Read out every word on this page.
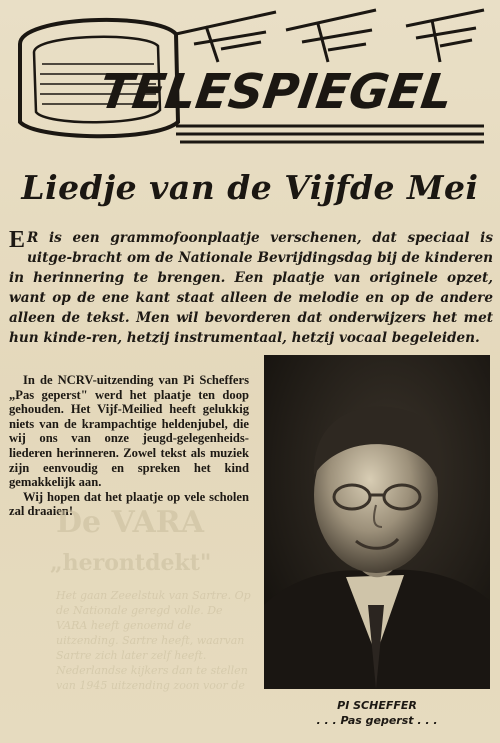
TELESPIEGEL
Liedje van de Vijfde Mei
E R is een grammofoonplaatje verschenen, dat speciaal is uitge-bracht om de Nationale Bevrijdingsdag bij de kinderen in herinnering te brengen. Een plaatje van originele opzet, want op de ene kant staat alleen de melodie en op de andere alleen de tekst. Men wil bevorderen dat onderwijzers het met hun kinde-ren, hetzij instrumentaal, hetzij vocaal begeleiden.

In de NCRV-uitzending van Pi Scheffers „Pas geperst" werd het plaatje ten doop gehouden. Het Vijf-Meilied heeft gelukkig niets van de krampachtige heldenjubel, die wij ons van onze jeugd-gelegenheids-liederen herinneren. Zowel tekst als muziek zijn eenvoudig en spreken het kind gemakkelijk aan.

Wij hopen dat het plaatje op vele scholen zal draaien!

De VARA
„herontdekt"
Het gaan Zeeelstuk van Sartre. Op de Nationale geregd volle. De VARA heeft genoemd de uitzending. Sartre heeft, waarvan Sartre zich later zelf heeft. Nederlandse kijkers dan te stellen van 1945 uitzending zoon voor de
PI SCHEFFER
. . . Pas geperst . . .
